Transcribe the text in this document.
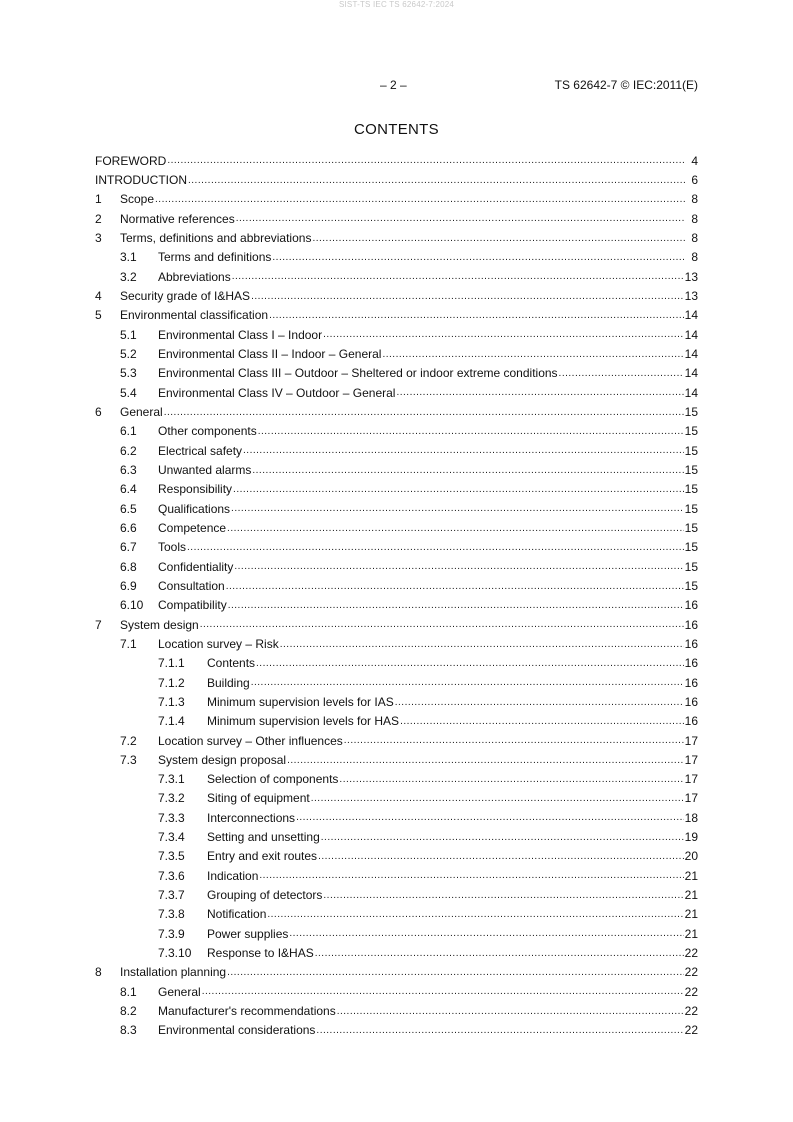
SIST-TS IEC TS 62642-7:2024
– 2 –	TS 62642-7 © IEC:2011(E)
CONTENTS
FOREWORD .....	4
INTRODUCTION .....	6
1	Scope .....	8
2	Normative references .....	8
3	Terms, definitions and abbreviations .....	8
3.1	Terms and definitions .....	8
3.2	Abbreviations .....	13
4	Security grade of I&HAS .....	13
5	Environmental classification .....	14
5.1	Environmental Class I – Indoor .....	14
5.2	Environmental Class II – Indoor – General .....	14
5.3	Environmental Class III – Outdoor – Sheltered or indoor extreme conditions .....	14
5.4	Environmental Class IV – Outdoor – General .....	14
6	General .....	15
6.1	Other components .....	15
6.2	Electrical safety .....	15
6.3	Unwanted alarms .....	15
6.4	Responsibility .....	15
6.5	Qualifications .....	15
6.6	Competence .....	15
6.7	Tools .....	15
6.8	Confidentiality .....	15
6.9	Consultation .....	15
6.10	Compatibility .....	16
7	System design .....	16
7.1	Location survey – Risk .....	16
7.1.1	Contents .....	16
7.1.2	Building .....	16
7.1.3	Minimum supervision levels for IAS .....	16
7.1.4	Minimum supervision levels for HAS .....	16
7.2	Location survey – Other influences .....	17
7.3	System design proposal .....	17
7.3.1	Selection of components .....	17
7.3.2	Siting of equipment .....	17
7.3.3	Interconnections .....	18
7.3.4	Setting and unsetting .....	19
7.3.5	Entry and exit routes .....	20
7.3.6	Indication .....	21
7.3.7	Grouping of detectors .....	21
7.3.8	Notification .....	21
7.3.9	Power supplies .....	21
7.3.10	Response to I&HAS .....	22
8	Installation planning .....	22
8.1	General .....	22
8.2	Manufacturer's recommendations .....	22
8.3	Environmental considerations .....	22
